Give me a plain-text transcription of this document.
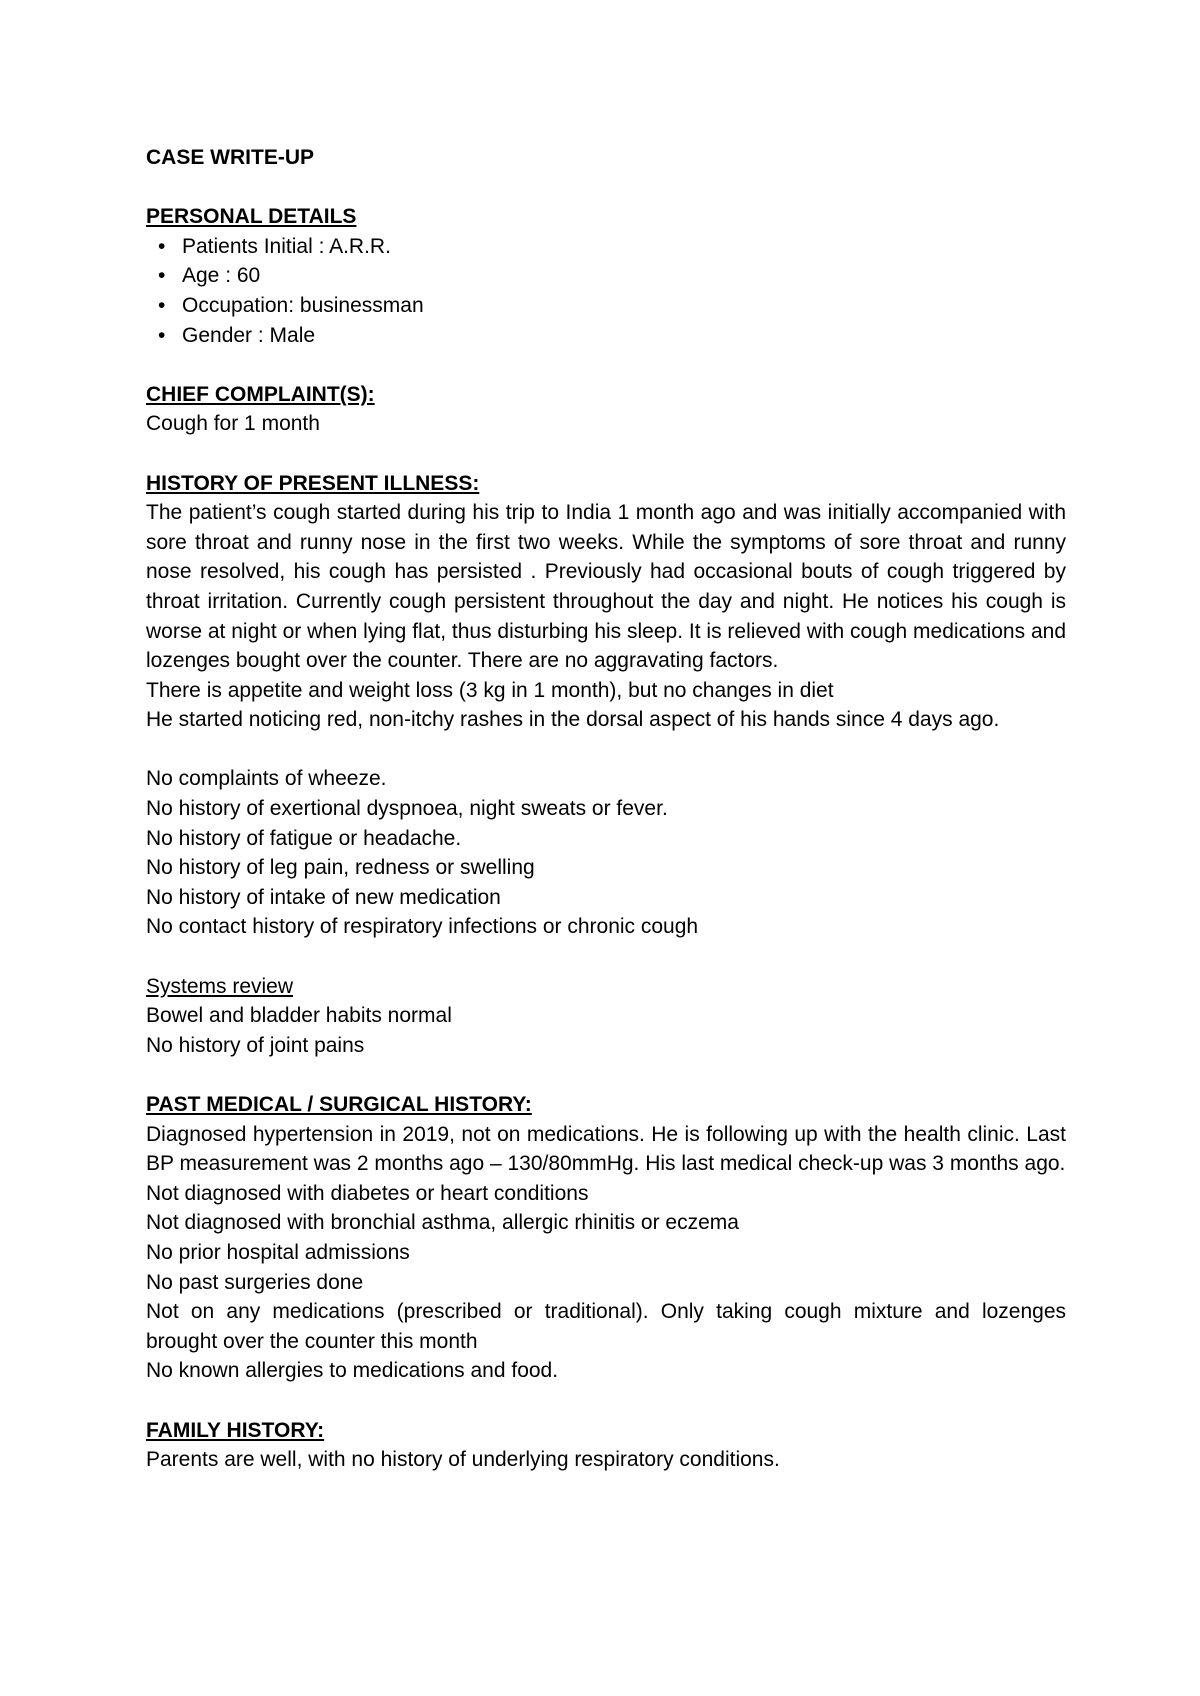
CASE WRITE-UP

PERSONAL DETAILS

• Patients Initial : A.R.R.
• Age : 60
• Occupation: businessman
• Gender : Male

CHIEF COMPLAINT(S):

Cough for 1 month

HISTORY OF PRESENT ILLNESS:

The patient’s cough started during his trip to India 1 month ago and was initially accompanied with sore throat and runny nose in the first two weeks. While the symptoms of sore throat and runny nose resolved, his cough has persisted . Previously had occasional bouts of cough triggered by throat irritation. Currently cough persistent throughout the day and night. He notices his cough is worse at night or when lying flat, thus disturbing his sleep. It is relieved with cough medications and lozenges bought over the counter. There are no aggravating factors.

There is appetite and weight loss (3 kg in 1 month), but no changes in diet

He started noticing red, non-itchy rashes in the dorsal aspect of his hands since 4 days ago.

No complaints of wheeze.

No history of exertional dyspnoea, night sweats or fever.

No history of fatigue or headache.

No history of leg pain, redness or swelling

No history of intake of new medication

No contact history of respiratory infections or chronic cough

Systems review

Bowel and bladder habits normal

No history of joint pains

PAST MEDICAL / SURGICAL HISTORY:

Diagnosed hypertension in 2019, not on medications. He is following up with the health clinic. Last BP measurement was 2 months ago – 130/80mmHg. His last medical check-up was 3 months ago.

Not diagnosed with diabetes or heart conditions

Not diagnosed with bronchial asthma, allergic rhinitis or eczema

No prior hospital admissions

No past surgeries done

Not on any medications (prescribed or traditional). Only taking cough mixture and lozenges brought over the counter this month

No known allergies to medications and food.

FAMILY HISTORY:

Parents are well, with no history of underlying respiratory conditions.
